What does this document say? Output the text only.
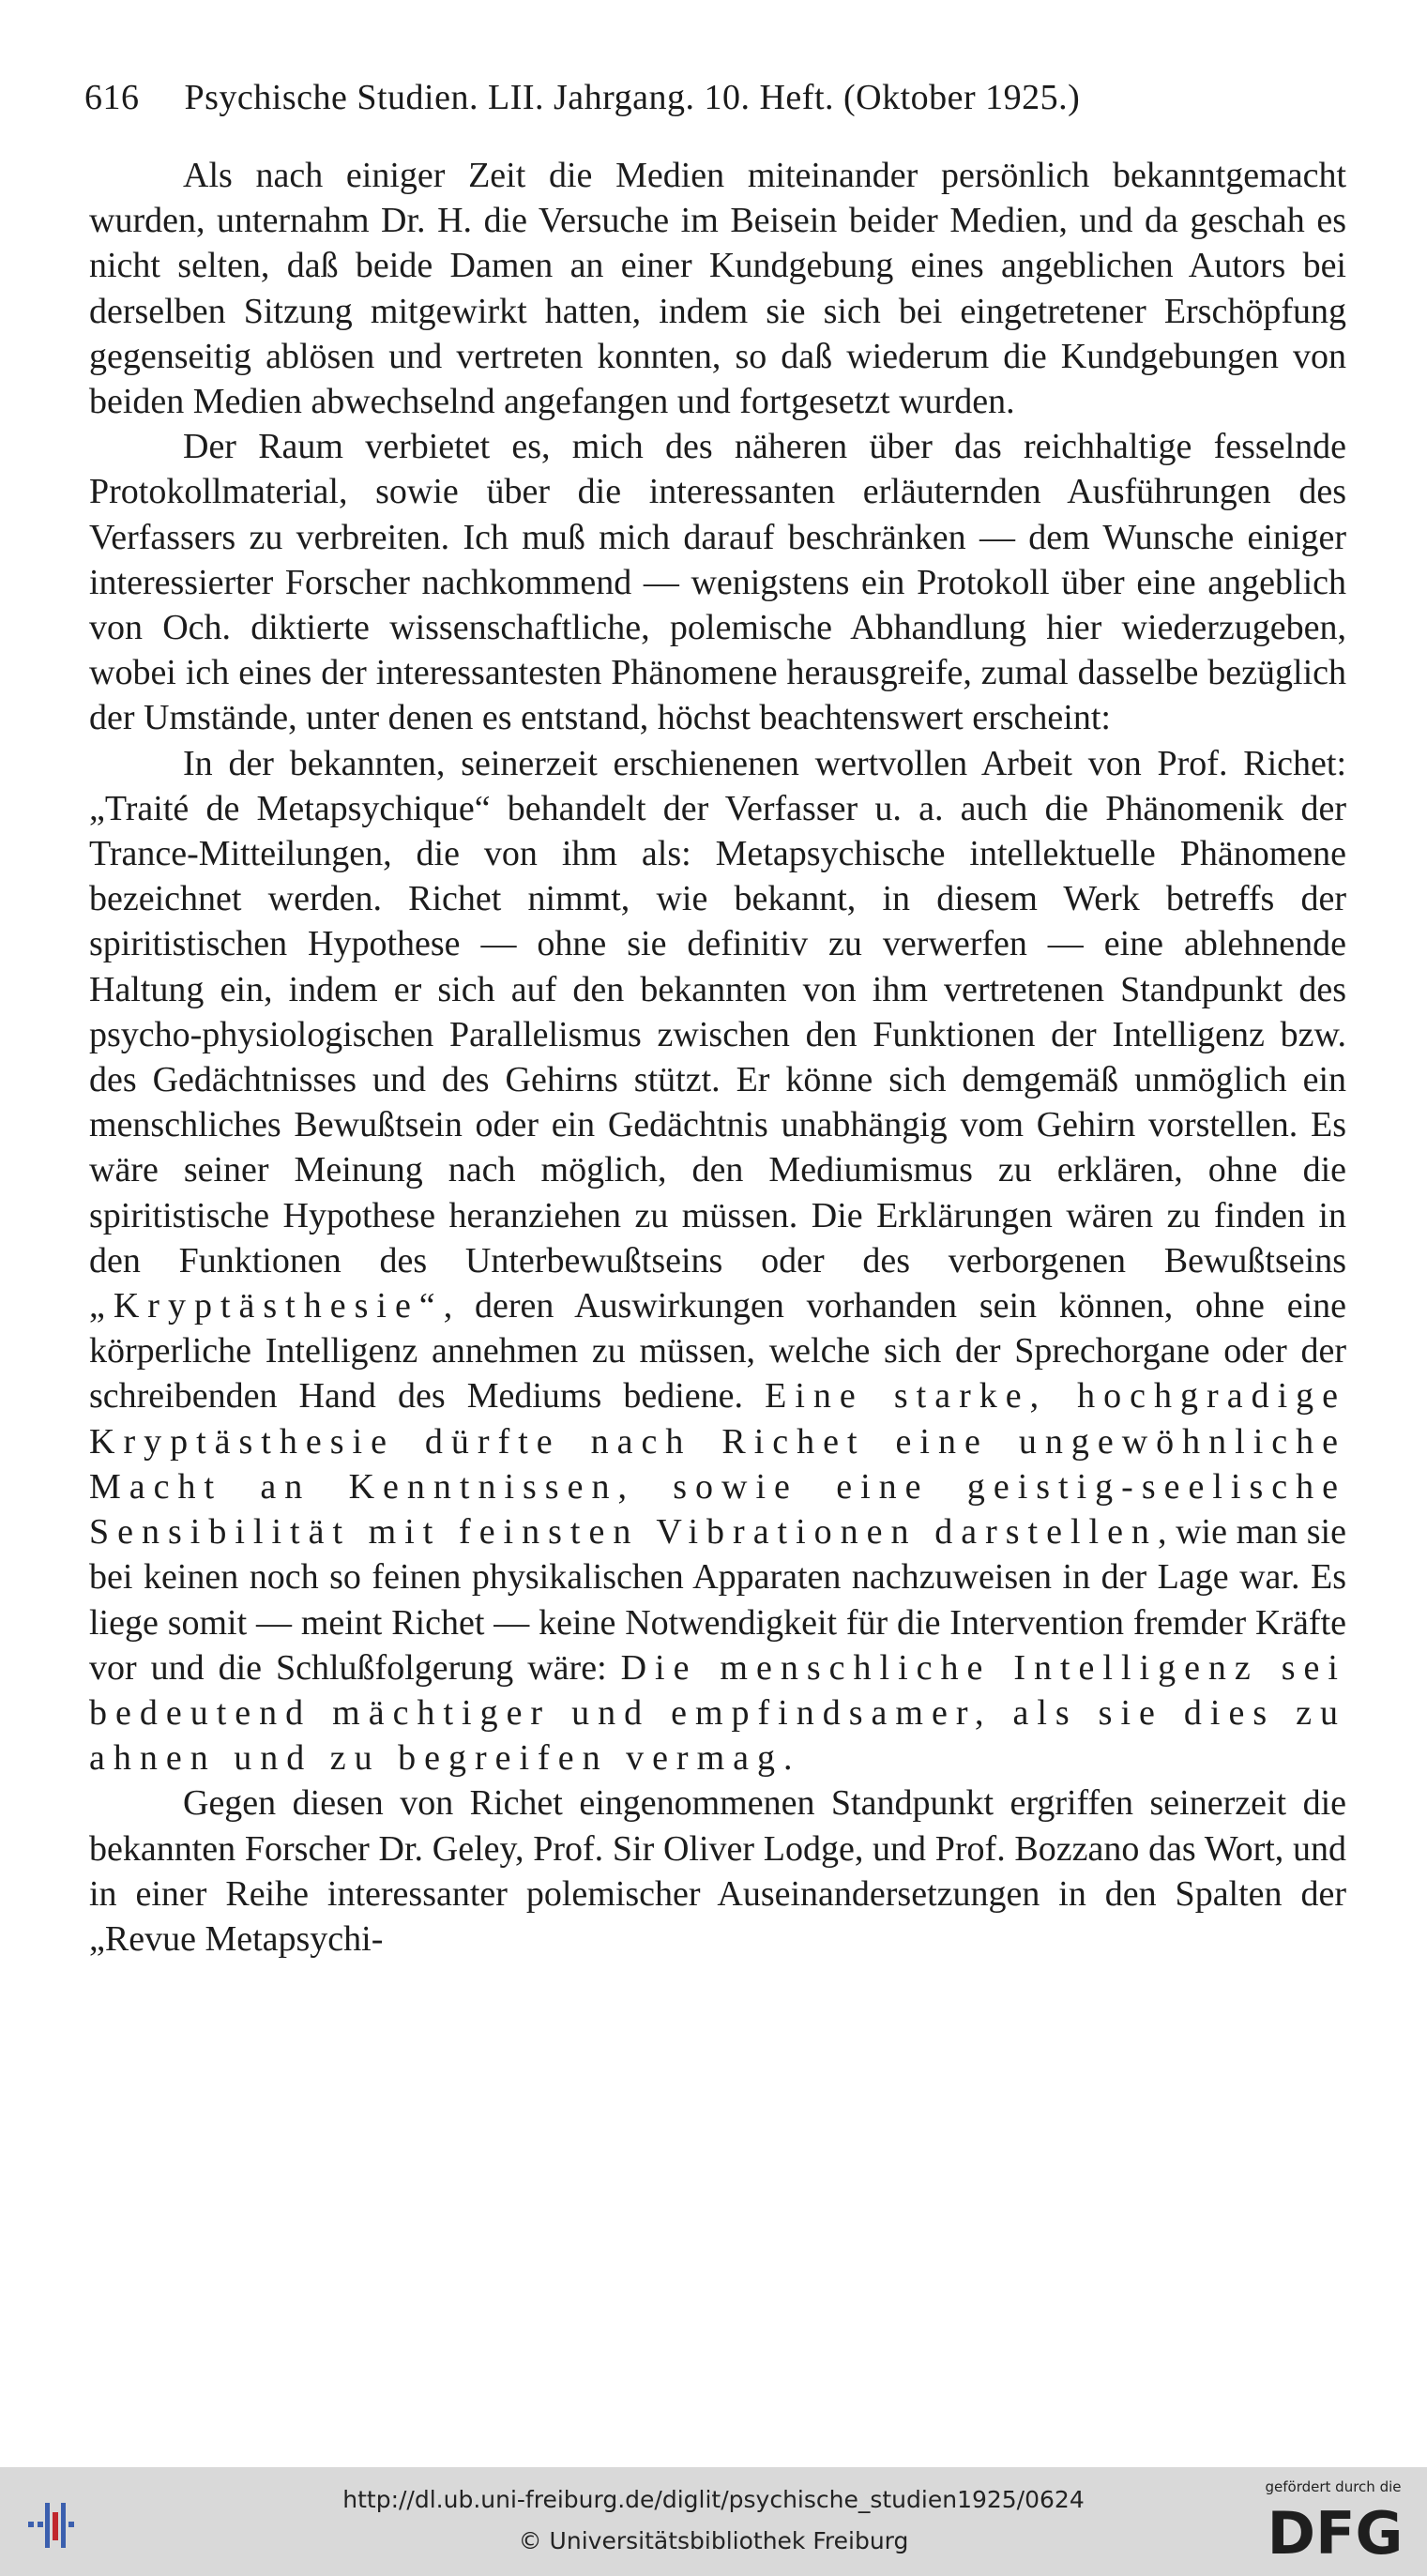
616 Psychische Studien. LII. Jahrgang. 10. Heft. (Oktober 1925.)

Als nach einiger Zeit die Medien miteinander persönlich bekanntgemacht wurden, unternahm Dr. H. die Versuche im Beisein beider Medien, und da geschah es nicht selten, daß beide Damen an einer Kundgebung eines angeblichen Autors bei derselben Sitzung mitgewirkt hatten, indem sie sich bei eingetretener Erschöpfung gegenseitig ablösen und vertreten konnten, so daß wiederum die Kundgebungen von beiden Medien abwechselnd angefangen und fortgesetzt wurden.

Der Raum verbietet es, mich des näheren über das reichhaltige fesselnde Protokollmaterial, sowie über die interessanten erläuternden Ausführungen des Verfassers zu verbreiten. Ich muß mich darauf beschränken — dem Wunsche einiger interessierter Forscher nachkommend — wenigstens ein Protokoll über eine angeblich von Och. diktierte wissenschaftliche, polemische Abhandlung hier wiederzugeben, wobei ich eines der interessantesten Phänomene herausgreife, zumal dasselbe bezüglich der Umstände, unter denen es entstand, höchst beachtenswert erscheint:

In der bekannten, seinerzeit erschienenen wertvollen Arbeit von Prof. Richet: „Traité de Metapsychique“ behandelt der Verfasser u. a. auch die Phänomenik der Trance-Mitteilungen, die von ihm als: Metapsychische intellektuelle Phänomene bezeichnet werden. Richet nimmt, wie bekannt, in diesem Werk betreffs der spiritistischen Hypothese — ohne sie definitiv zu verwerfen — eine ablehnende Haltung ein, indem er sich auf den bekannten von ihm vertretenen Standpunkt des psycho-physiologischen Parallelismus zwischen den Funktionen der Intelligenz bzw. des Gedächtnisses und des Gehirns stützt. Er könne sich demgemäß unmöglich ein menschliches Bewußtsein oder ein Gedächtnis unabhängig vom Gehirn vorstellen. Es wäre seiner Meinung nach möglich, den Mediumismus zu erklären, ohne die spiritistische Hypothese heranziehen zu müssen. Die Erklärungen wären zu finden in den Funktionen des Unterbewußtseins oder des verborgenen Bewußtseins „Kryptästhesie“, deren Auswirkungen vorhanden sein können, ohne eine körperliche Intelligenz annehmen zu müssen, welche sich der Sprechorgane oder der schreibenden Hand des Mediums bediene. Eine starke, hochgradige Kryptästhesie dürfte nach Richet eine ungewöhnliche Macht an Kenntnissen, sowie eine geistig-seelische Sensibilität mit feinsten Vibrationen darstellen, wie man sie bei keinen noch so feinen physikalischen Apparaten nachzuweisen in der Lage war. Es liege somit — meint Richet — keine Notwendigkeit für die Intervention fremder Kräfte vor und die Schlußfolgerung wäre: Die menschliche Intelligenz sei bedeutend mächtiger und empfindsamer, als sie dies zu ahnen und zu begreifen vermag.

Gegen diesen von Richet eingenommenen Standpunkt ergriffen seinerzeit die bekannten Forscher Dr. Geley, Prof. Sir Oliver Lodge, und Prof. Bozzano das Wort, und in einer Reihe interessanter polemischer Auseinandersetzungen in den Spalten der „Revue Metapsychi-

http://dl.ub.uni-freiburg.de/diglit/psychische_studien1925/0624
© Universitätsbibliothek Freiburg
gefördert durch die
DFG
